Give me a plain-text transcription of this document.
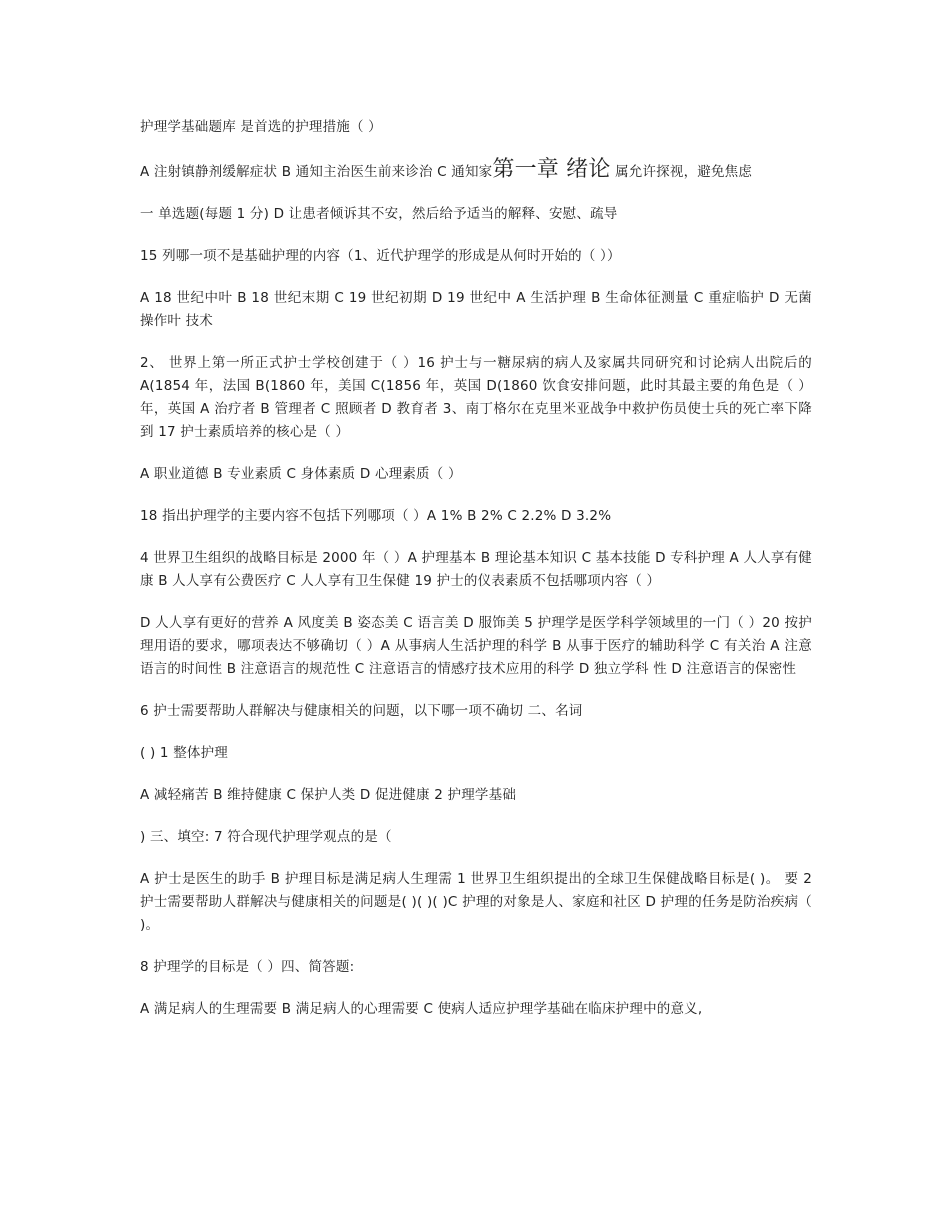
护理学基础题库 是首选的护理措施（ ）

A 注射镇静剂缓解症状 B 通知主治医生前来诊治 C 通知家第一章 绪论 属允许探视，避免焦虑

一 单选题(每题 1 分) D 让患者倾诉其不安，然后给予适当的解释、安慰、疏导

15 列哪一项不是基础护理的内容（1、近代护理学的形成是从何时开始的（ ））

A 18 世纪中叶 B 18 世纪末期 C 19 世纪初期 D 19 世纪中 A 生活护理 B 生命体征测量 C 重症临护 D 无菌操作叶 技术

2、 世界上第一所正式护士学校创建于（ ）16 护士与一糖尿病的病人及家属共同研究和讨论病人出院后的 A(1854 年，法国 B(1860 年，美国 C(1856 年，英国 D(1860 饮食安排问题，此时其最主要的角色是（ ）年，英国 A 治疗者 B 管理者 C 照顾者 D 教育者 3、南丁格尔在克里米亚战争中救护伤员使士兵的死亡率下降到 17 护士素质培养的核心是（ ）

A 职业道德 B 专业素质 C 身体素质 D 心理素质（ ）

18 指出护理学的主要内容不包括下列哪项（ ）A 1% B 2% C 2.2% D 3.2%

4 世界卫生组织的战略目标是 2000 年（ ）A 护理基本 B 理论基本知识 C 基本技能 D 专科护理 A 人人享有健康 B 人人享有公费医疗 C 人人享有卫生保健 19 护士的仪表素质不包括哪项内容（ ）

D 人人享有更好的营养 A 风度美 B 姿态美 C 语言美 D 服饰美 5 护理学是医学科学领域里的一门（ ）20 按护理用语的要求，哪项表达不够确切（ ）A 从事病人生活护理的科学 B 从事于医疗的辅助科学 C 有关治 A 注意语言的时间性 B 注意语言的规范性 C 注意语言的情感疗技术应用的科学 D 独立学科 性 D 注意语言的保密性

6 护士需要帮助人群解决与健康相关的问题，以下哪一项不确切 二、名词

( ) 1 整体护理

A 减轻痛苦 B 维持健康 C 保护人类 D 促进健康 2 护理学基础

) 三、填空: 7 符合现代护理学观点的是（

A 护士是医生的助手 B 护理目标是满足病人生理需 1 世界卫生组织提出的全球卫生保健战略目标是( )。 要 2 护士需要帮助人群解决与健康相关的问题是( )( )( )C 护理的对象是人、家庭和社区 D 护理的任务是防治疾病（ )。

8 护理学的目标是（ ）四、简答题:

A 满足病人的生理需要 B 满足病人的心理需要 C 使病人适应护理学基础在临床护理中的意义,
